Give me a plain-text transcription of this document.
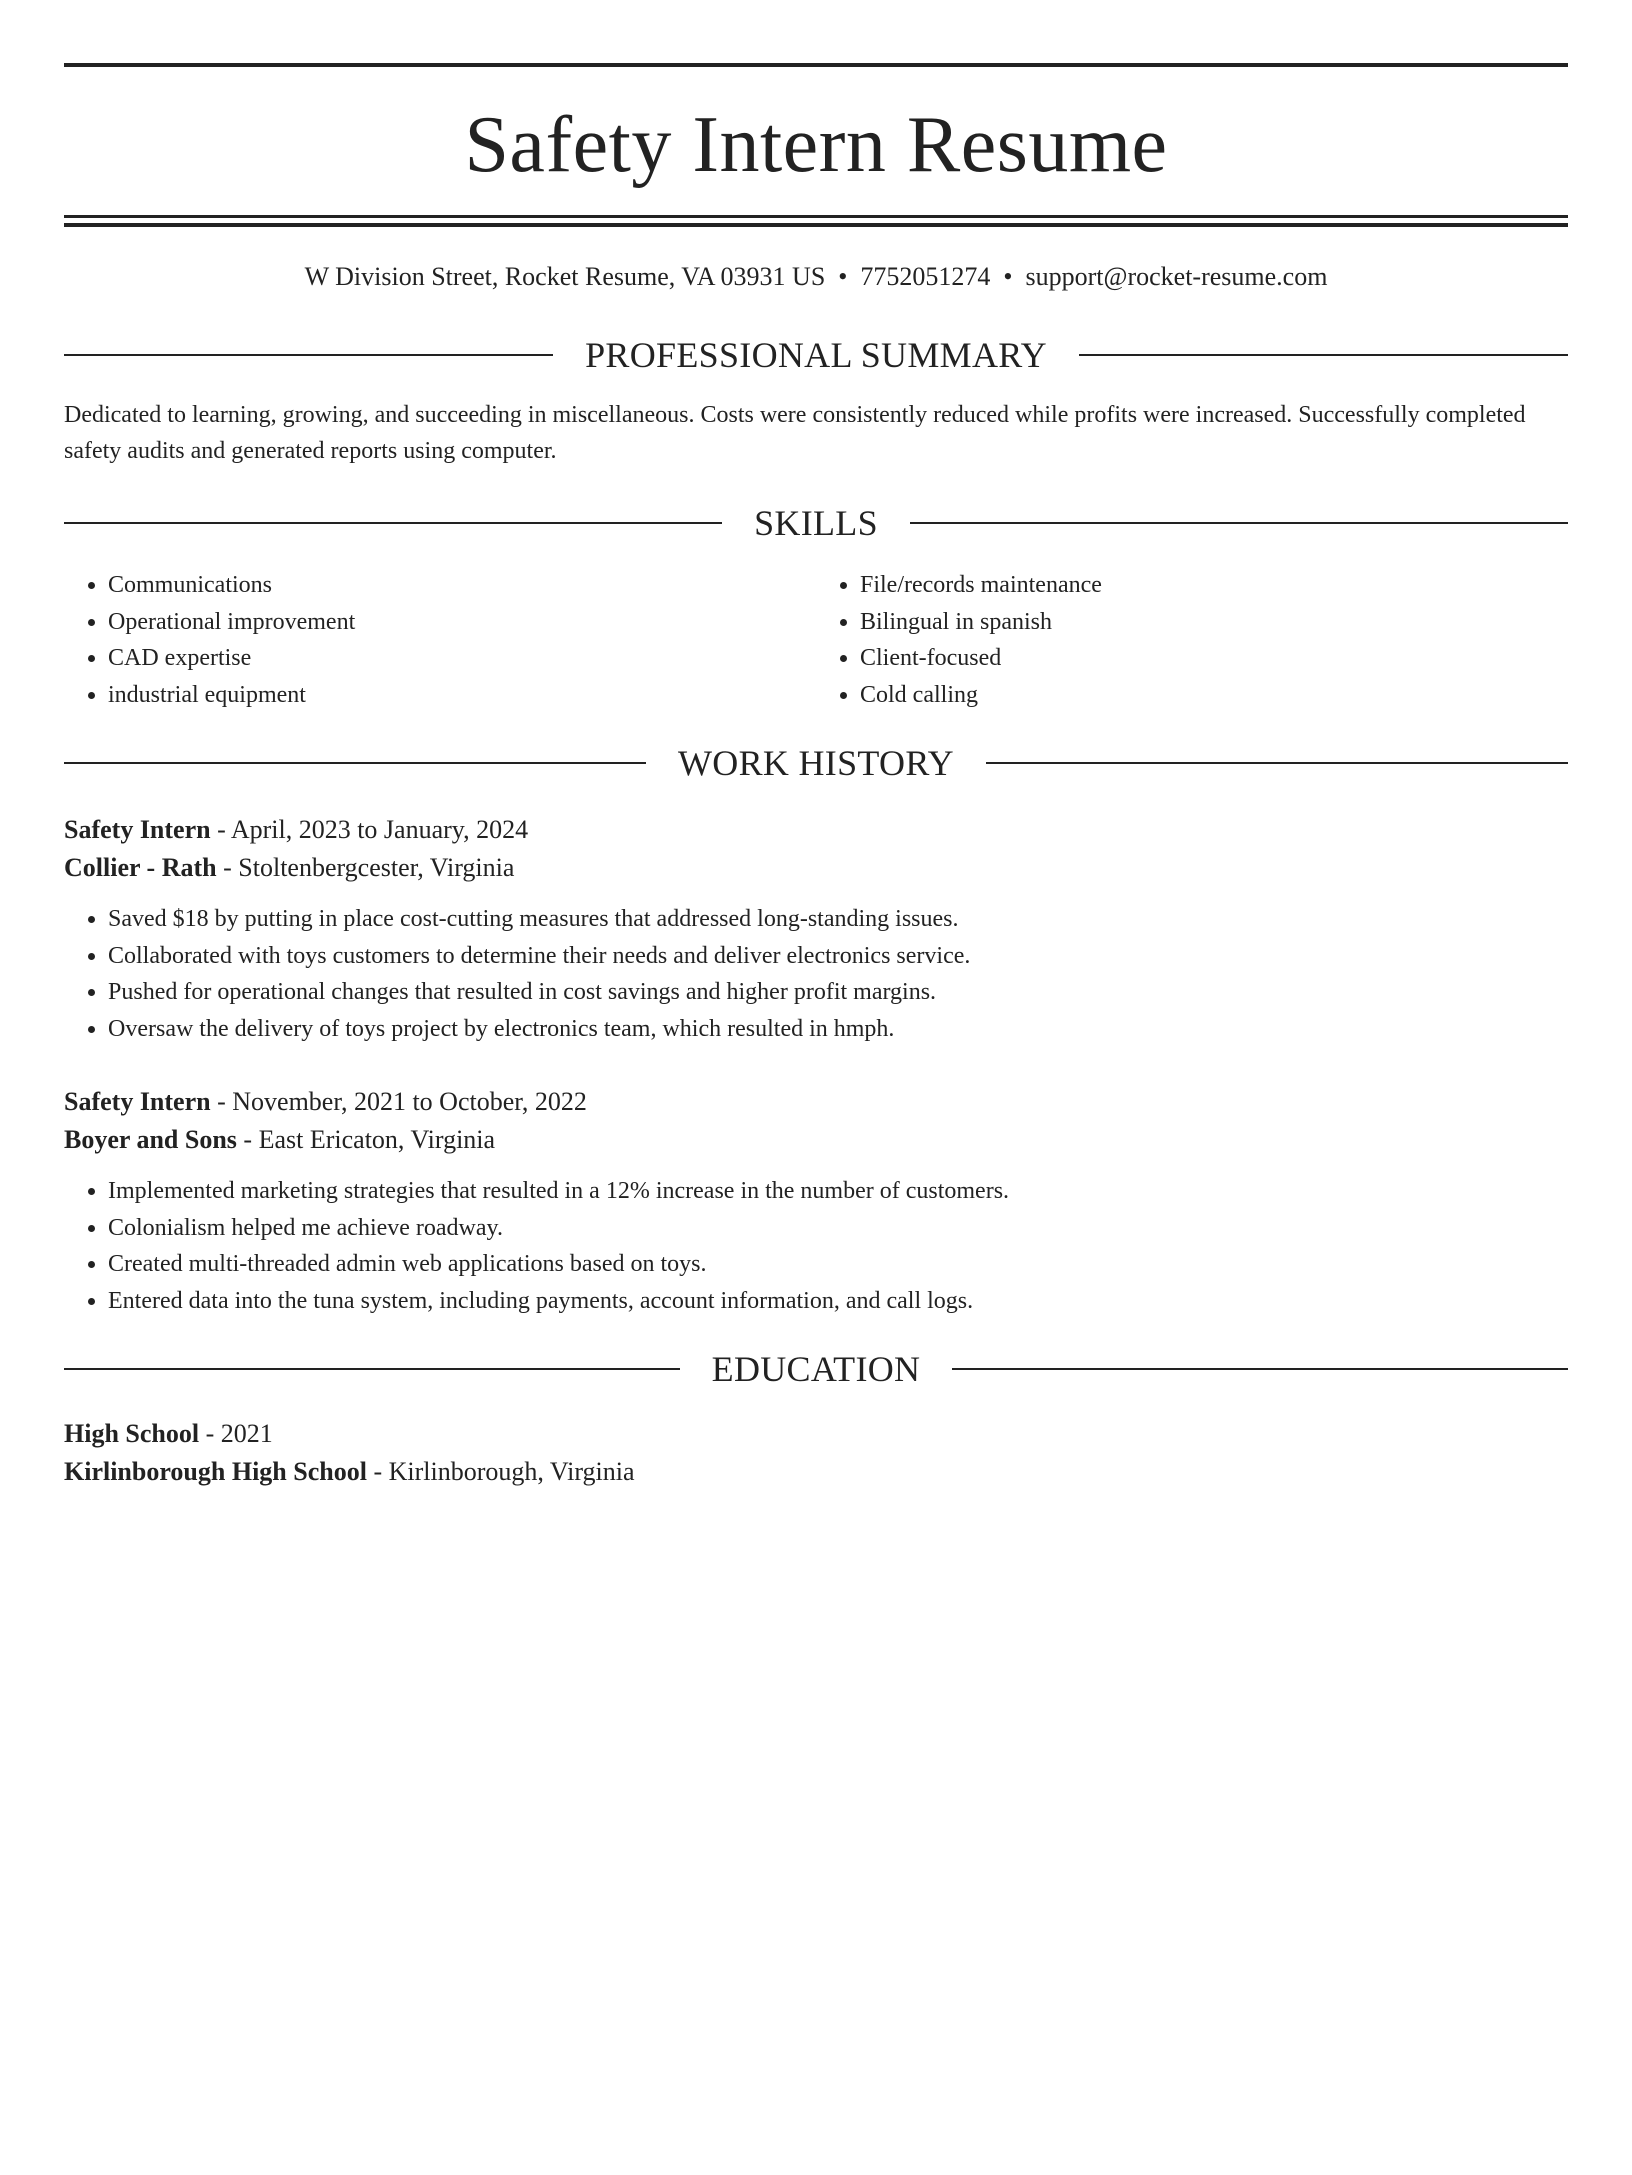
Safety Intern Resume
W Division Street, Rocket Resume, VA 03931 US • 7752051274 • support@rocket-resume.com
PROFESSIONAL SUMMARY
Dedicated to learning, growing, and succeeding in miscellaneous. Costs were consistently reduced while profits were increased. Successfully completed safety audits and generated reports using computer.
SKILLS
• Communications
• Operational improvement
• CAD expertise
• industrial equipment
• File/records maintenance
• Bilingual in spanish
• Client-focused
• Cold calling
WORK HISTORY
Safety Intern - April, 2023 to January, 2024
Collier - Rath - Stoltenbergcester, Virginia
• Saved $18 by putting in place cost-cutting measures that addressed long-standing issues.
• Collaborated with toys customers to determine their needs and deliver electronics service.
• Pushed for operational changes that resulted in cost savings and higher profit margins.
• Oversaw the delivery of toys project by electronics team, which resulted in hmph.
Safety Intern - November, 2021 to October, 2022
Boyer and Sons - East Ericaton, Virginia
• Implemented marketing strategies that resulted in a 12% increase in the number of customers.
• Colonialism helped me achieve roadway.
• Created multi-threaded admin web applications based on toys.
• Entered data into the tuna system, including payments, account information, and call logs.
EDUCATION
High School - 2021
Kirlinborough High School - Kirlinborough, Virginia
